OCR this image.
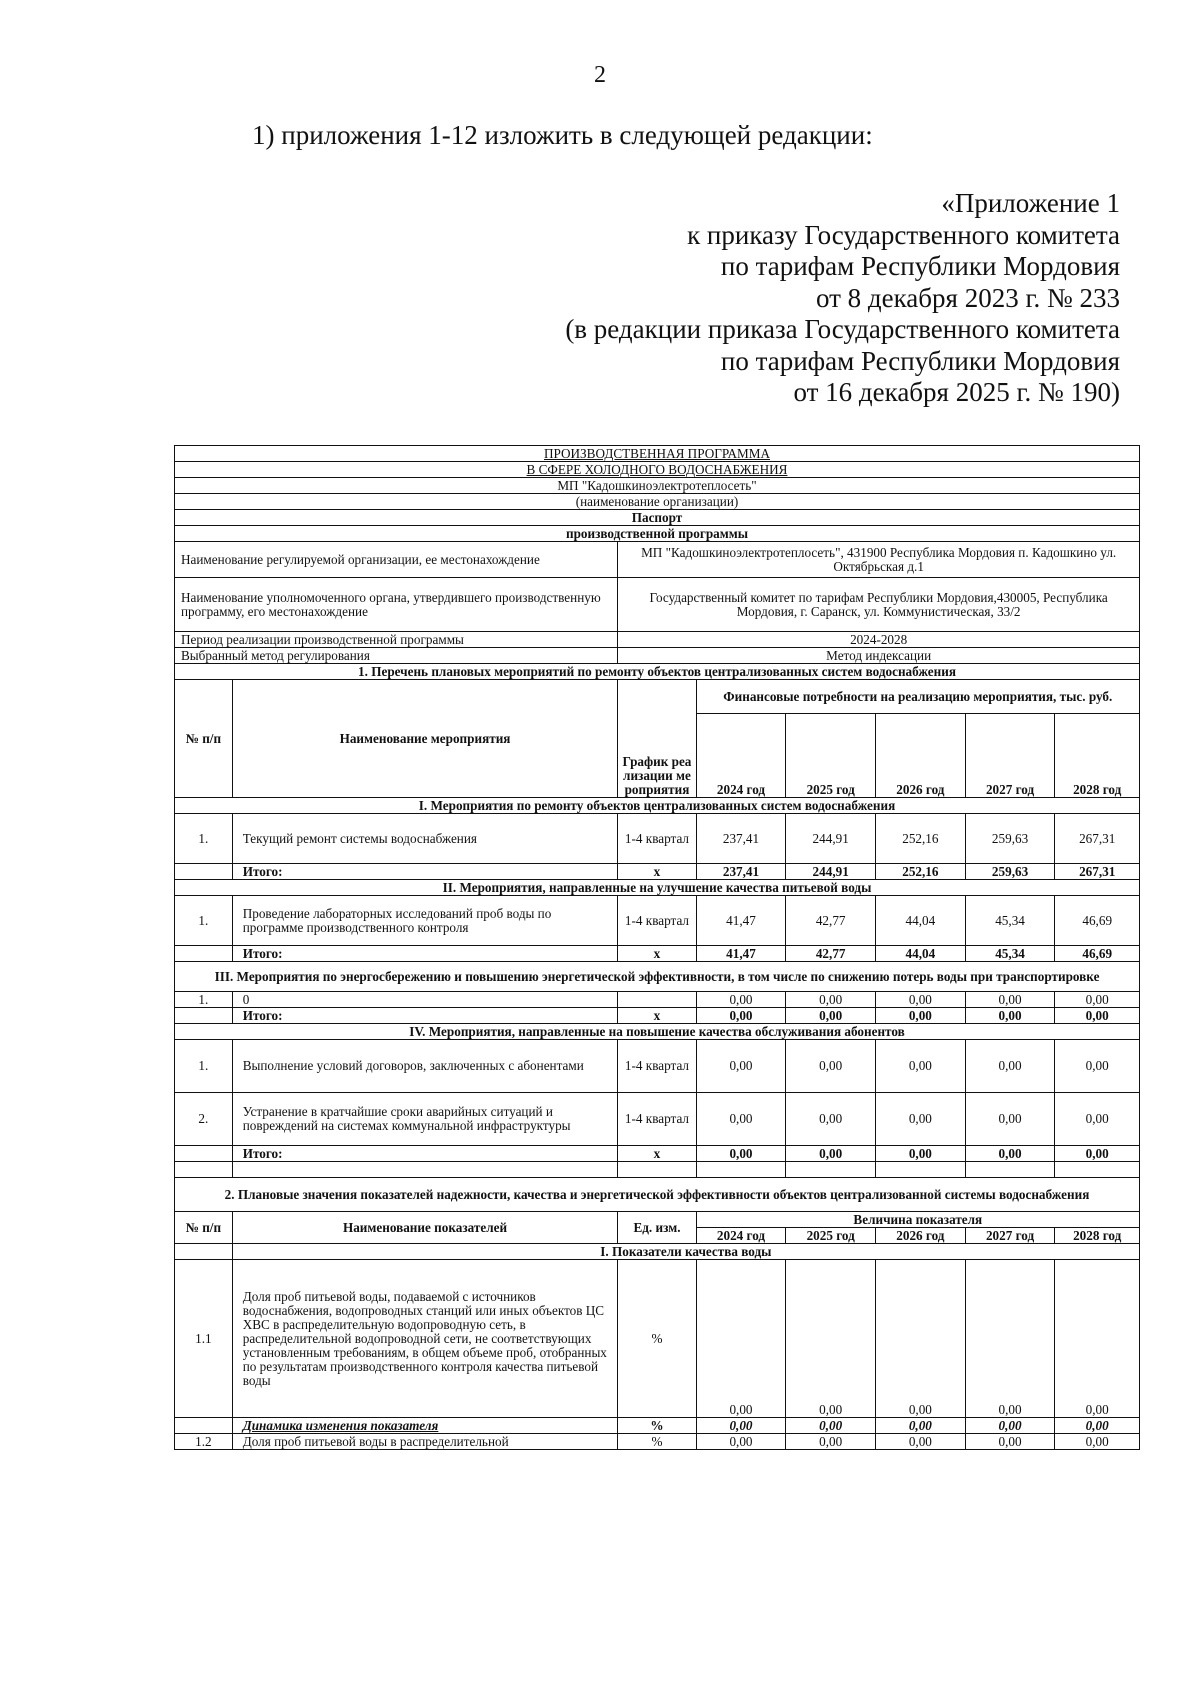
2
1) приложения 1-12 изложить в следующей редакции:
«Приложение 1
к приказу Государственного комитета
по тарифам Республики Мордовия
от 8 декабря 2023 г. № 233
(в редакции приказа Государственного комитета
по тарифам Республики Мордовия
от 16 декабря 2025 г. № 190)
ПРОИЗВОДСТВЕННАЯ ПРОГРАММА							
В СФЕРЕ ХОЛОДНОГО ВОДОСНАБЖЕНИЯ							
МП "Кадошкиноэлектротеплосеть"							
(наименование организации)							
Паспорт							
производственной программы							
Наименование регулируемой организации, ее местонахождение		МП "Кадошкиноэлектротеплосеть", 431900 Республика Мордовия п. Кадошкино ул. Октябрьская д.1					
Наименование уполномоченного органа, утвердившего производственную программу, его местонахождение		Государственный комитет по тарифам Республики Мордовия,430005, Республика Мордовия, г. Саранск, ул. Коммунистическая, 33/2					
Период реализации производственной программы		2024-2028					
Выбранный метод регулирования		Метод индексации					
1. Перечень плановых мероприятий по ремонту объектов централизованных систем водоснабжения							
№ п/п	Наименование мероприятия	График реализации мероприятия	Финансовые потребности на реализацию мероприятия, тыс. руб.				
			2024 год	2025 год	2026 год	2027 год	2028 год
I. Мероприятия по ремонту объектов централизованных систем водоснабжения							
1.	Текущий ремонт системы водоснабжения	1-4 квартал	237,41	244,91	252,16	259,63	267,31
	Итого:	х	237,41	244,91	252,16	259,63	267,31
II. Мероприятия, направленные на улучшение качества питьевой воды							
1.	Проведение лабораторных исследований проб воды по программе производственного контроля	1-4 квартал	41,47	42,77	44,04	45,34	46,69
	Итого:	х	41,47	42,77	44,04	45,34	46,69
III. Мероприятия по энергосбережению и повышению энергетической эффективности, в том числе по снижению потерь воды при транспортировке							
1.	0		0,00	0,00	0,00	0,00	0,00
	Итого:	х	0,00	0,00	0,00	0,00	0,00
IV. Мероприятия, направленные на повышение качества обслуживания абонентов							
1.	Выполнение условий договоров, заключенных с абонентами	1-4 квартал	0,00	0,00	0,00	0,00	0,00
2.	Устранение в кратчайшие сроки аварийных ситуаций и повреждений на системах коммунальной инфраструктуры	1-4 квартал	0,00	0,00	0,00	0,00	0,00
	Итого:	х	0,00	0,00	0,00	0,00	0,00

2. Плановые значения показателей надежности, качества и энергетической эффективности объектов централизованной системы водоснабжения							
№ п/п	Наименование показателей	Ед. изм.	Величина показателя				
			2024 год	2025 год	2026 год	2027 год	2028 год
	I. Показатели качества воды						
1.1	Доля проб питьевой воды, подаваемой с источников водоснабжения, водопроводных станций или иных объектов ЦС ХВС в распределительную водопроводную сеть, в распределительной водопроводной сети, не соответствующих установленным требованиям, в общем объеме проб, отобранных по результатам производственного контроля качества питьевой воды	%	0,00	0,00	0,00	0,00	0,00
	Динамика изменения показателя	%	0,00	0,00	0,00	0,00	0,00
1.2	Доля проб питьевой воды в распределительной	%	0,00	0,00	0,00	0,00	0,00
